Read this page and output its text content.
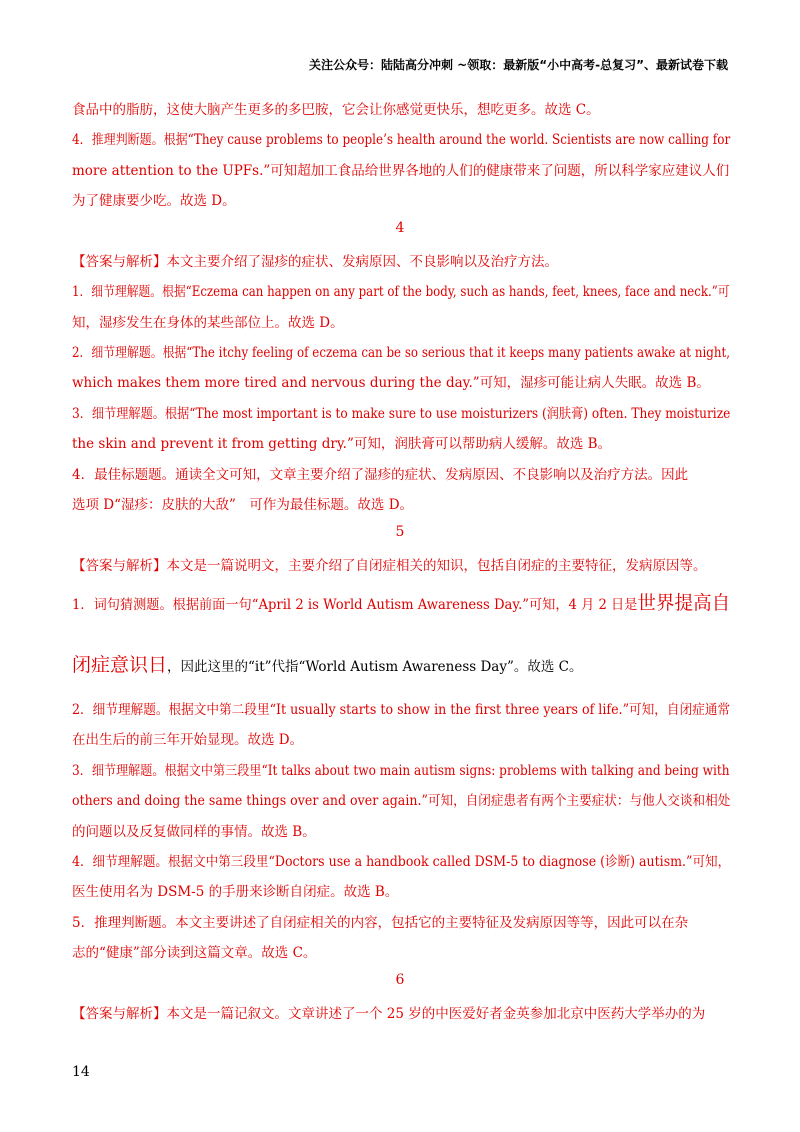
关注公众号：陆陆高分冲刺 ~领取：最新版“小中高考-总复习”、最新试卷下载
食品中的脂肪，这使大脑产生更多的多巴胺，它会让你感觉更快乐，想吃更多。故选 C。
4．推理判断题。根据“They cause problems to people’s health around the world. Scientists are now calling for
more attention to the UPFs.”可知超加工食品给世界各地的人们的健康带来了问题，所以科学家应建议人们
为了健康要少吃。故选 D。
4
【答案与解析】本文主要介绍了湿疹的症状、发病原因、不良影响以及治疗方法。
1．细节理解题。根据“Eczema can happen on any part of the body, such as hands, feet, knees, face and neck.”可
知，湿疹发生在身体的某些部位上。故选 D。
2．细节理解题。根据“The itchy feeling of eczema can be so serious that it keeps many patients awake at night,
which makes them more tired and nervous during the day.”可知，湿疹可能让病人失眠。故选 B。
3．细节理解题。根据“The most important is to make sure to use moisturizers (润肤膏) often. They moisturize
the skin and prevent it from getting dry.”可知，润肤膏可以帮助病人缓解。故选 B。
4．最佳标题题。通读全文可知，文章主要介绍了湿疹的症状、发病原因、不良影响以及治疗方法。因此
选项 D“湿疹：皮肤的大敌”　可作为最佳标题。故选 D。
5
【答案与解析】本文是一篇说明文，主要介绍了自闭症相关的知识，包括自闭症的主要特征，发病原因等。
1．词句猜测题。根据前面一句“April 2 is World Autism Awareness Day.”可知，4 月 2 日是世界提高自
闭症意识日，因此这里的“it”代指“World Autism Awareness Day”。故选 C。
2．细节理解题。根据文中第二段里“It usually starts to show in the first three years of life.”可知，自闭症通常
在出生后的前三年开始显现。故选 D。
3．细节理解题。根据文中第三段里“It talks about two main autism signs: problems with talking and being with
others and doing the same things over and over again.”可知，自闭症患者有两个主要症状：与他人交谈和相处
的问题以及反复做同样的事情。故选 B。
4．细节理解题。根据文中第三段里“Doctors use a handbook called DSM-5 to diagnose (诊断) autism.”可知，
医生使用名为 DSM-5 的手册来诊断自闭症。故选 B。
5．推理判断题。本文主要讲述了自闭症相关的内容，包括它的主要特征及发病原因等等，因此可以在杂
志的“健康”部分读到这篇文章。故选 C。
6
【答案与解析】本文是一篇记叙文。文章讲述了一个 25 岁的中医爱好者金英参加北京中医药大学举办的为
14
